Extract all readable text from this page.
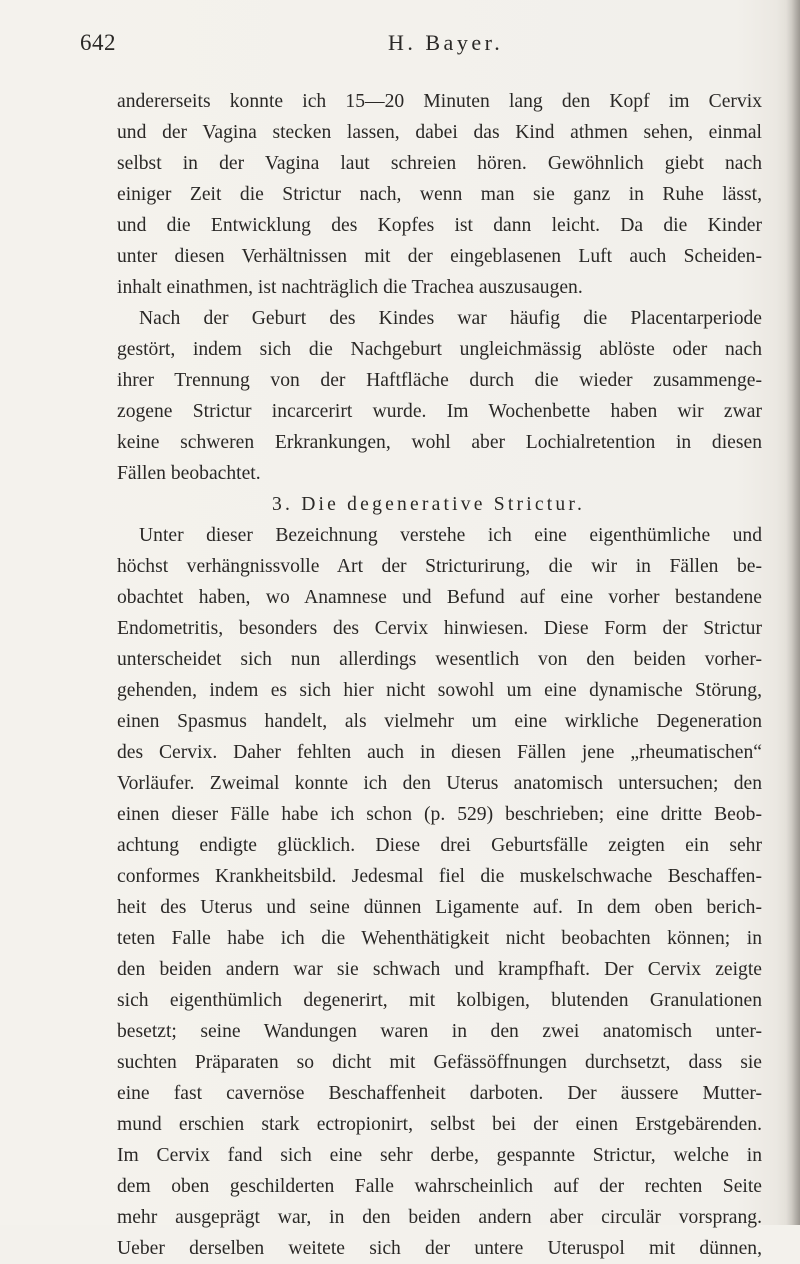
642	H. Bayer.
andererseits konnte ich 15—20 Minuten lang den Kopf im Cervix
und der Vagina stecken lassen, dabei das Kind athmen sehen, einmal
selbst in der Vagina laut schreien hören. Gewöhnlich giebt nach
einiger Zeit die Strictur nach, wenn man sie ganz in Ruhe lässt,
und die Entwicklung des Kopfes ist dann leicht. Da die Kinder
unter diesen Verhältnissen mit der eingeblasenen Luft auch Scheiden-
inhalt einathmen, ist nachträglich die Trachea auszusaugen.
Nach der Geburt des Kindes war häufig die Placentarperiode
gestört, indem sich die Nachgeburt ungleichmässig ablöste oder nach
ihrer Trennung von der Haftfläche durch die wieder zusammenge-
zogene Strictur incarcerirt wurde. Im Wochenbette haben wir zwar
keine schweren Erkrankungen, wohl aber Lochialretention in diesen
Fällen beobachtet.
3. Die degenerative Strictur.
Unter dieser Bezeichnung verstehe ich eine eigenthümliche und
höchst verhängnissvolle Art der Stricturirung, die wir in Fällen be-
obachtet haben, wo Anamnese und Befund auf eine vorher bestandene
Endometritis, besonders des Cervix hinwiesen. Diese Form der Strictur
unterscheidet sich nun allerdings wesentlich von den beiden vorher-
gehenden, indem es sich hier nicht sowohl um eine dynamische Störung,
einen Spasmus handelt, als vielmehr um eine wirkliche Degeneration
des Cervix. Daher fehlten auch in diesen Fällen jene „rheumatischen“
Vorläufer. Zweimal konnte ich den Uterus anatomisch untersuchen; den
einen dieser Fälle habe ich schon (p. 529) beschrieben; eine dritte Beob-
achtung endigte glücklich. Diese drei Geburtsfälle zeigten ein sehr
conformes Krankheitsbild. Jedesmal fiel die muskelschwache Beschaffen-
heit des Uterus und seine dünnen Ligamente auf. In dem oben berich-
teten Falle habe ich die Wehenthätigkeit nicht beobachten können; in
den beiden andern war sie schwach und krampfhaft. Der Cervix zeigte
sich eigenthümlich degenerirt, mit kolbigen, blutenden Granulationen
besetzt; seine Wandungen waren in den zwei anatomisch unter-
suchten Präparaten so dicht mit Gefässöffnungen durchsetzt, dass sie
eine fast cavernöse Beschaffenheit darboten. Der äussere Mutter-
mund erschien stark ectropionirt, selbst bei der einen Erstgebärenden.
Im Cervix fand sich eine sehr derbe, gespannte Strictur, welche in
dem oben geschilderten Falle wahrscheinlich auf der rechten Seite
mehr ausgeprägt war, in den beiden andern aber circulär vorsprang.
Ueber derselben weitete sich der untere Uteruspol mit dünnen,
